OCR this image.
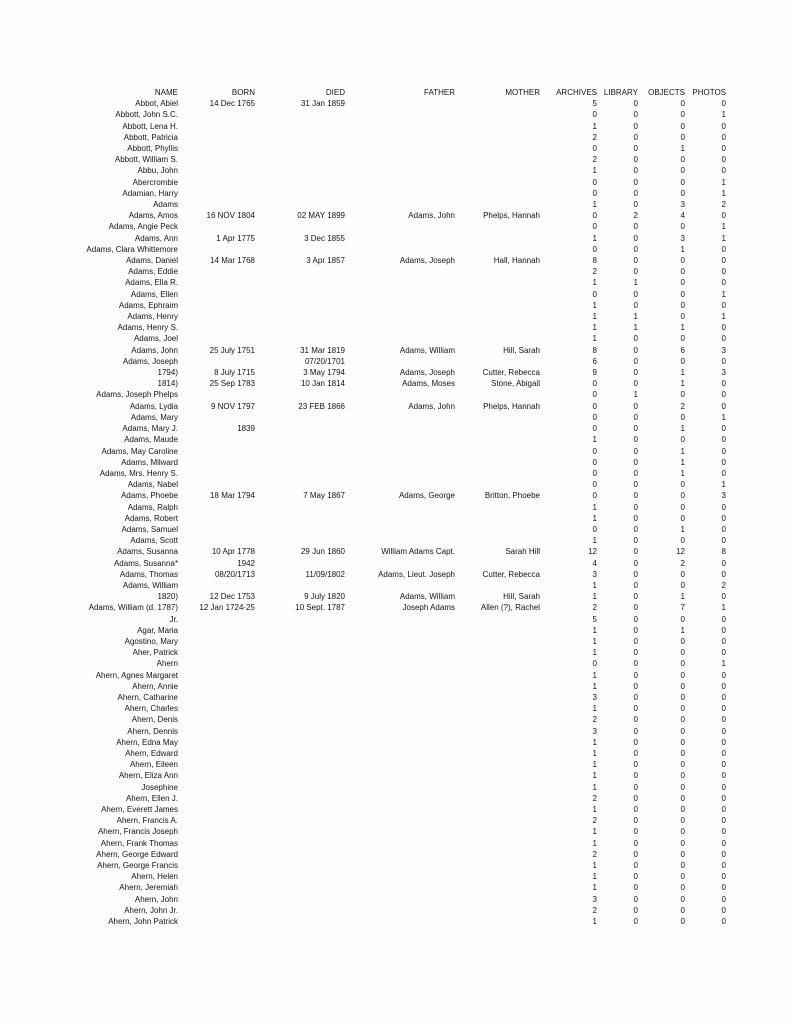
NAME	BORN	DIED	FATHER	MOTHER	ARCHIVES	LIBRARY	OBJECTS	PHOTOS
Abbot, Abiel	14 Dec 1765	31 Jan 1859			5	0	0	0
Abbott, John S.C.					0	0	0	1
Abbott, Lena H.					1	0	0	0
Abbott, Patricia					2	0	0	0
Abbott, Phyllis					0	0	1	0
Abbott, William S.					2	0	0	0
Abbu, John					1	0	0	0
Abercrombie					0	0	0	1
Adamian, Harry					0	0	0	1
Adams					1	0	3	2
Adams, Amos	16 NOV 1804	02 MAY 1899	Adams, John	Phelps, Hannah	0	2	4	0
Adams, Angie Peck					0	0	0	1
Adams, Ann	1 Apr 1775	3 Dec 1855			1	0	3	1
Adams, Clara Whittemore					0	0	1	0
Adams, Daniel	14 Mar 1768	3 Apr 1857	Adams, Joseph	Hall, Hannah	8	0	0	0
Adams, Eddie					2	0	0	0
Adams, Ella R.					1	1	0	0
Adams, Ellen					0	0	0	1
Adams, Ephraim					1	0	0	0
Adams, Henry					1	1	0	1
Adams, Henry S.					1	1	1	0
Adams, Joel					1	0	0	0
Adams, John	25 July 1751	31 Mar 1819	Adams, William	Hill, Sarah	8	0	6	3
Adams, Joseph		07/20/1701			6	0	0	0
1794)	8 July 1715	3 May 1794	Adams, Joseph	Cutter, Rebecca	9	0	1	3
1814)	25 Sep 1783	10 Jan 1814	Adams, Moses	Stone, Abigail	0	0	1	0
Adams, Joseph Phelps					0	1	0	0
Adams, Lydia	9 NOV 1797	23 FEB 1866	Adams, John	Phelps, Hannah	0	0	2	0
Adams, Mary					0	0	0	1
Adams, Mary J.	1839				0	0	1	0
Adams, Maude					1	0	0	0
Adams, May Caroline					0	0	1	0
Adams, Milward					0	0	1	0
Adams, Mrs. Henry S.					0	0	1	0
Adams, Nabel					0	0	0	1
Adams, Phoebe	18 Mar 1794	7 May 1867	Adams, George	Britton, Phoebe	0	0	0	3
Adams, Ralph					1	0	0	0
Adams, Robert					1	0	0	0
Adams, Samuel					0	0	1	0
Adams, Scott					1	0	0	0
Adams, Susanna	10 Apr 1778	29 Jun 1860	William Adams Capt.	Sarah Hill	12	0	12	8
Adams, Susanna*	1942				4	0	2	0
Adams, Thomas	08/20/1713	11/09/1802	Adams, Lieut. Joseph	Cutter, Rebecca	3	0	0	0
Adams, William					1	0	0	2
1820)	12 Dec 1753	9 July 1820	Adams, William	Hill, Sarah	1	0	1	0
Adams, William (d. 1787)	12 Jan 1724-25	10 Sept. 1787	Joseph Adams	Allen (?), Rachel	2	0	7	1
Jr.					5	0	0	0
Agar, Maria					1	0	1	0
Agostino, Mary					1	0	0	0
Aher, Patrick					1	0	0	0
Ahern					0	0	0	1
Ahern, Agnes Margaret					1	0	0	0
Ahern, Annie					1	0	0	0
Ahern, Catharine					3	0	0	0
Ahern, Charles					1	0	0	0
Ahern, Denis					2	0	0	0
Ahern, Dennis					3	0	0	0
Ahern, Edna May					1	0	0	0
Ahern, Edward					1	0	0	0
Ahern, Eileen					1	0	0	0
Ahern, Eliza Ann					1	0	0	0
Josephine					1	0	0	0
Ahern, Ellen J.					2	0	0	0
Ahern, Everett James					1	0	0	0
Ahern, Francis A.					2	0	0	0
Ahern, Francis Joseph					1	0	0	0
Ahern, Frank Thomas					1	0	0	0
Ahern, George Edward					2	0	0	0
Ahern, George Francis					1	0	0	0
Ahern, Helen					1	0	0	0
Ahern, Jeremiah					1	0	0	0
Ahern, John					3	0	0	0
Ahern, John Jr.					2	0	0	0
Ahern, John Patrick					1	0	0	0
